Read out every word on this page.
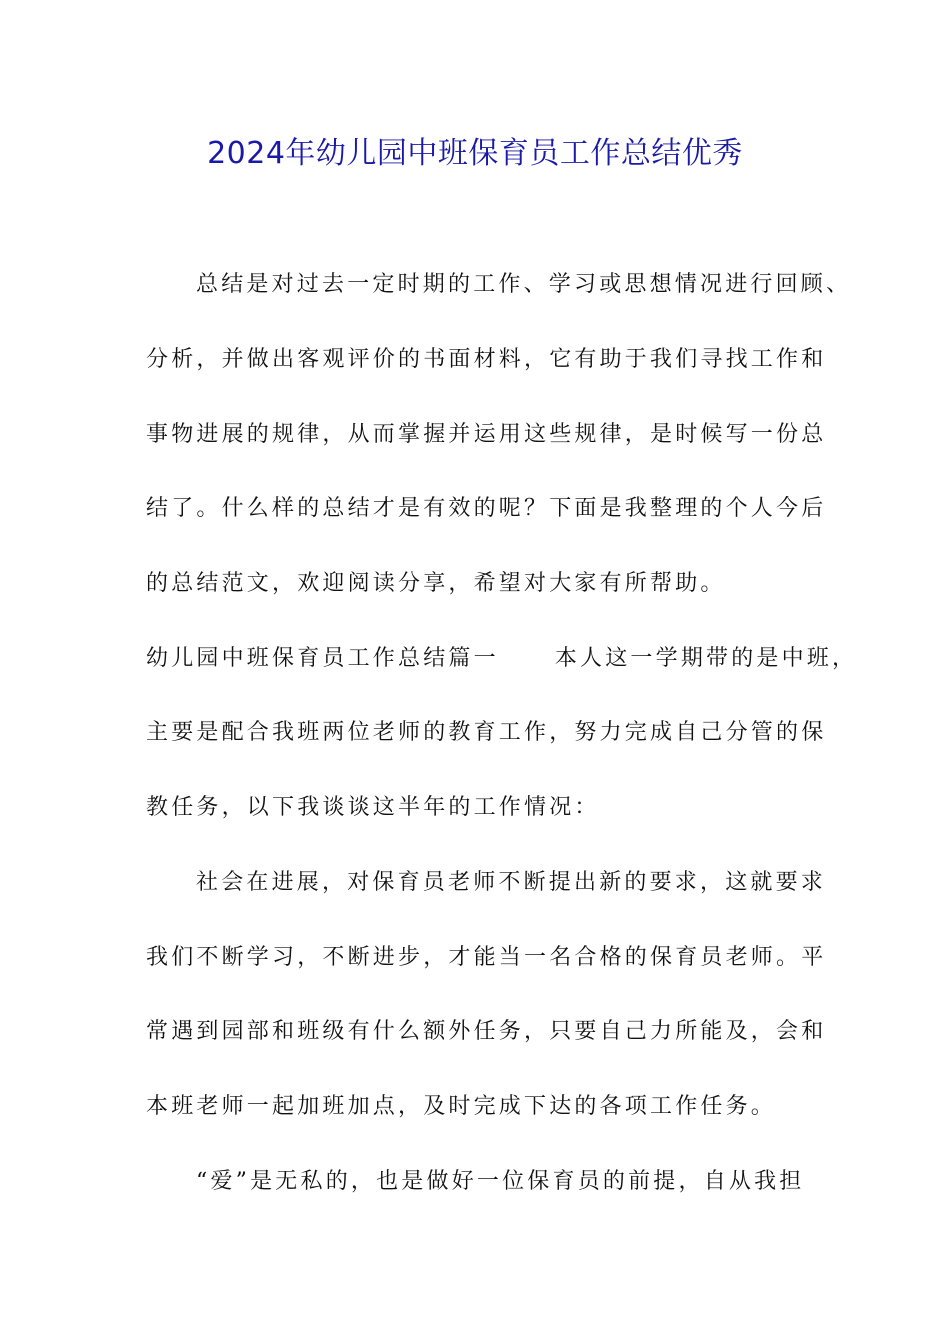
2024年幼儿园中班保育员工作总结优秀
总结是对过去一定时期的工作、学习或思想情况进行回顾、
分析，并做出客观评价的书面材料，它有助于我们寻找工作和
事物进展的规律，从而掌握并运用这些规律，是时候写一份总
结了。什么样的总结才是有效的呢？下面是我整理的个人今后
的总结范文，欢迎阅读分享，希望对大家有所帮助。
幼儿园中班保育员工作总结篇一	本人这一学期带的是中班，
主要是配合我班两位老师的教育工作，努力完成自己分管的保
教任务，以下我谈谈这半年的工作情况：
社会在进展，对保育员老师不断提出新的要求，这就要求
我们不断学习，不断进步，才能当一名合格的保育员老师。平
常遇到园部和班级有什么额外任务，只要自己力所能及，会和
本班老师一起加班加点，及时完成下达的各项工作任务。
“爱”是无私的，也是做好一位保育员的前提，自从我担
